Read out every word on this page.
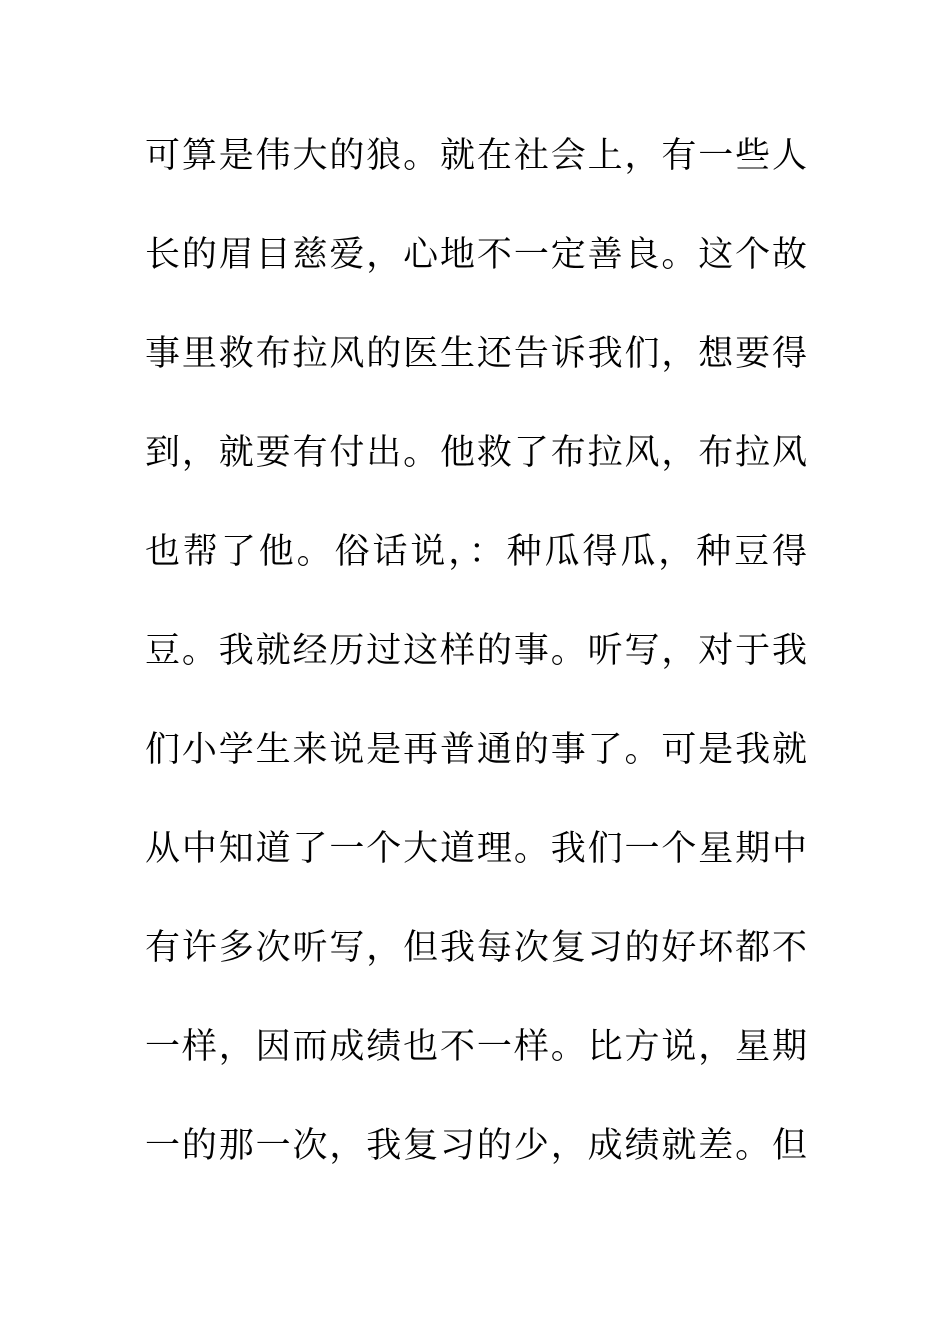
可算是伟大的狼。就在社会上，有一些人
长的眉目慈爱，心地不一定善良。这个故
事里救布拉风的医生还告诉我们，想要得
到，就要有付出。他救了布拉风，布拉风
也帮了他。俗话说，：种瓜得瓜，种豆得
豆。我就经历过这样的事。听写，对于我
们小学生来说是再普通的事了。可是我就
从中知道了一个大道理。我们一个星期中
有许多次听写，但我每次复习的好坏都不
一样，因而成绩也不一样。比方说，星期
一的那一次，我复习的少，成绩就差。但
